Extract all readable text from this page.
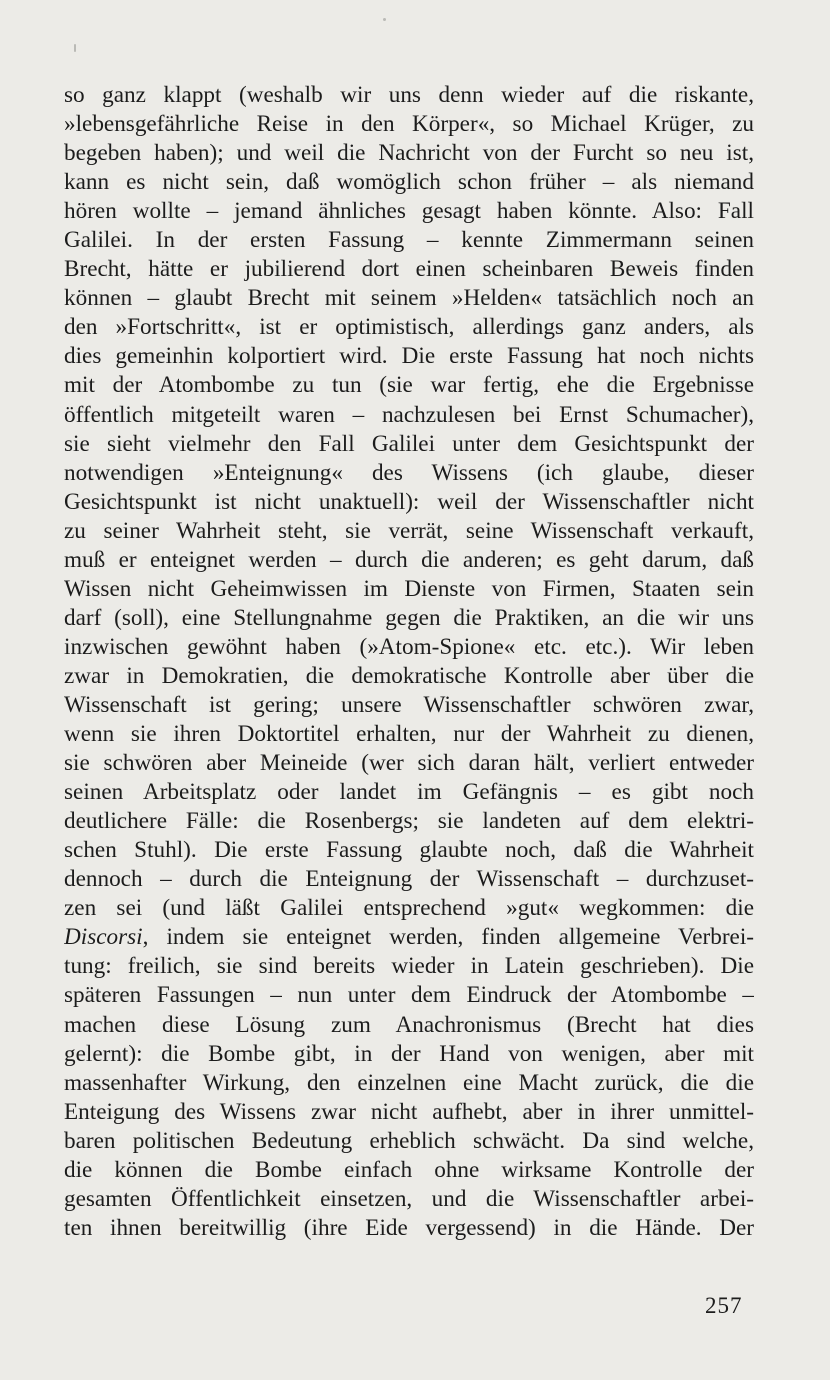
so ganz klappt (weshalb wir uns denn wieder auf die riskante,
»lebensgefährliche Reise in den Körper«, so Michael Krüger, zu
begeben haben); und weil die Nachricht von der Furcht so neu ist,
kann es nicht sein, daß womöglich schon früher – als niemand
hören wollte – jemand ähnliches gesagt haben könnte. Also: Fall
Galilei. In der ersten Fassung – kennte Zimmermann seinen
Brecht, hätte er jubilierend dort einen scheinbaren Beweis finden
können – glaubt Brecht mit seinem »Helden« tatsächlich noch an
den »Fortschritt«, ist er optimistisch, allerdings ganz anders, als
dies gemeinhin kolportiert wird. Die erste Fassung hat noch nichts
mit der Atombombe zu tun (sie war fertig, ehe die Ergebnisse
öffentlich mitgeteilt waren – nachzulesen bei Ernst Schumacher),
sie sieht vielmehr den Fall Galilei unter dem Gesichtspunkt der
notwendigen »Enteignung« des Wissens (ich glaube, dieser
Gesichtspunkt ist nicht unaktuell): weil der Wissenschaftler nicht
zu seiner Wahrheit steht, sie verrät, seine Wissenschaft verkauft,
muß er enteignet werden – durch die anderen; es geht darum, daß
Wissen nicht Geheimwissen im Dienste von Firmen, Staaten sein
darf (soll), eine Stellungnahme gegen die Praktiken, an die wir uns
inzwischen gewöhnt haben (»Atom-Spione« etc. etc.). Wir leben
zwar in Demokratien, die demokratische Kontrolle aber über die
Wissenschaft ist gering; unsere Wissenschaftler schwören zwar,
wenn sie ihren Doktortitel erhalten, nur der Wahrheit zu dienen,
sie schwören aber Meineide (wer sich daran hält, verliert entweder
seinen Arbeitsplatz oder landet im Gefängnis – es gibt noch
deutlichere Fälle: die Rosenbergs; sie landeten auf dem elektri-
schen Stuhl). Die erste Fassung glaubte noch, daß die Wahrheit
dennoch – durch die Enteignung der Wissenschaft – durchzuset-
zen sei (und läßt Galilei entsprechend »gut« wegkommen: die
Discorsi, indem sie enteignet werden, finden allgemeine Verbrei-
tung: freilich, sie sind bereits wieder in Latein geschrieben). Die
späteren Fassungen – nun unter dem Eindruck der Atombombe –
machen diese Lösung zum Anachronismus (Brecht hat dies
gelernt): die Bombe gibt, in der Hand von wenigen, aber mit
massenhafter Wirkung, den einzelnen eine Macht zurück, die die
Enteigung des Wissens zwar nicht aufhebt, aber in ihrer unmittel-
baren politischen Bedeutung erheblich schwächt. Da sind welche,
die können die Bombe einfach ohne wirksame Kontrolle der
gesamten Öffentlichkeit einsetzen, und die Wissenschaftler arbei-
ten ihnen bereitwillig (ihre Eide vergessend) in die Hände. Der
257
